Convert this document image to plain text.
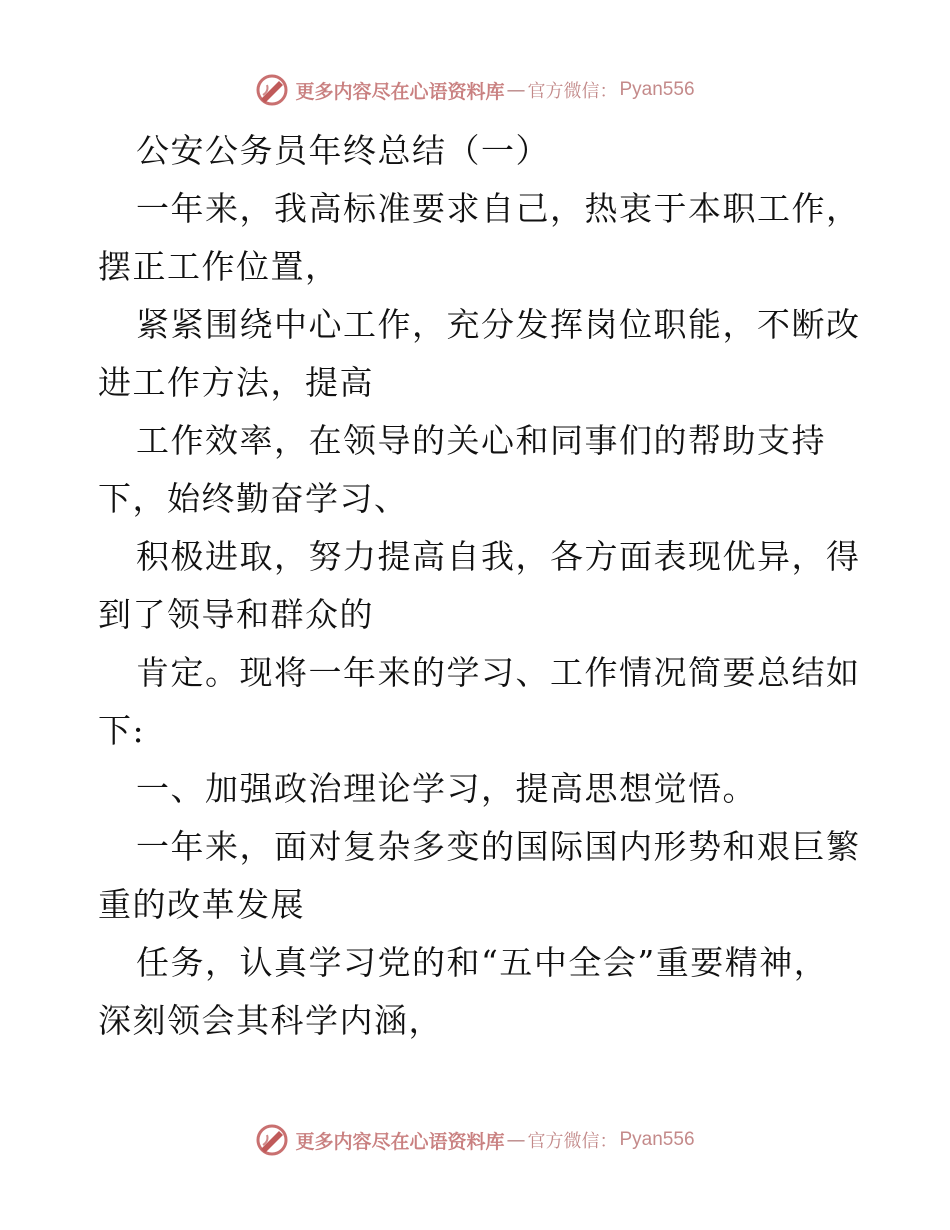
更多内容尽在心语资料库 — 官方微信： Pyan556
公安公务员年终总结（一）
一年来，我高标准要求自己，热衷于本职工作，
摆正工作位置，
紧紧围绕中心工作，充分发挥岗位职能，不断改
进工作方法，提高
工作效率，在领导的关心和同事们的帮助支持
下，始终勤奋学习、
积极进取，努力提高自我，各方面表现优异，得
到了领导和群众的
肯定。现将一年来的学习、工作情况简要总结如
下:
一、加强政治理论学习，提高思想觉悟。
一年来，面对复杂多变的国际国内形势和艰巨繁
重的改革发展
任务，认真学习党的和“五中全会”重要精神，
深刻领会其科学内涵，
更多内容尽在心语资料库 — 官方微信： Pyan556
